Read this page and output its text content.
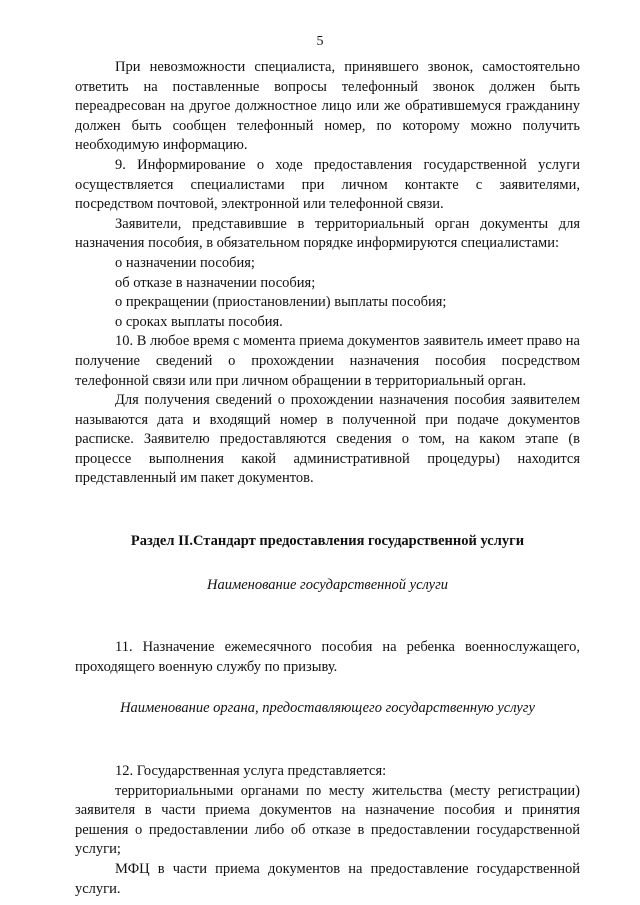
5

При невозможности специалиста, принявшего звонок, самостоятельно ответить на поставленные вопросы телефонный звонок должен быть переадресован на другое должностное лицо или же обратившемуся гражданину должен быть сообщен телефонный номер, по которому можно получить необходимую информацию.

9. Информирование о ходе предоставления государственной услуги осуществляется специалистами при личном контакте с заявителями, посредством почтовой, электронной или телефонной связи.

Заявители, представившие в территориальный орган документы для назначения пособия, в обязательном порядке информируются специалистами:

о назначении пособия;
об отказе в назначении пособия;
о прекращении (приостановлении) выплаты пособия;
о сроках выплаты пособия.

10. В любое время с момента приема документов заявитель имеет право на получение сведений о прохождении назначения пособия посредством телефонной связи или при личном обращении в территориальный орган.

Для получения сведений о прохождении назначения пособия заявителем называются дата и входящий номер в полученной при подаче документов расписке. Заявителю предоставляются сведения о том, на каком этапе (в процессе выполнения какой административной процедуры) находится представленный им пакет документов.

Раздел II.Стандарт предоставления государственной услуги

Наименование государственной услуги

11. Назначение ежемесячного пособия на ребенка военнослужащего, проходящего военную службу по призыву.

Наименование органа, предоставляющего государственную услугу

12. Государственная услуга представляется:

территориальными органами по месту жительства (месту регистрации) заявителя в части приема документов на назначение пособия и принятия решения о предоставлении либо об отказе в предоставлении государственной услуги;

МФЦ в части приема документов на предоставление государственной услуги.
